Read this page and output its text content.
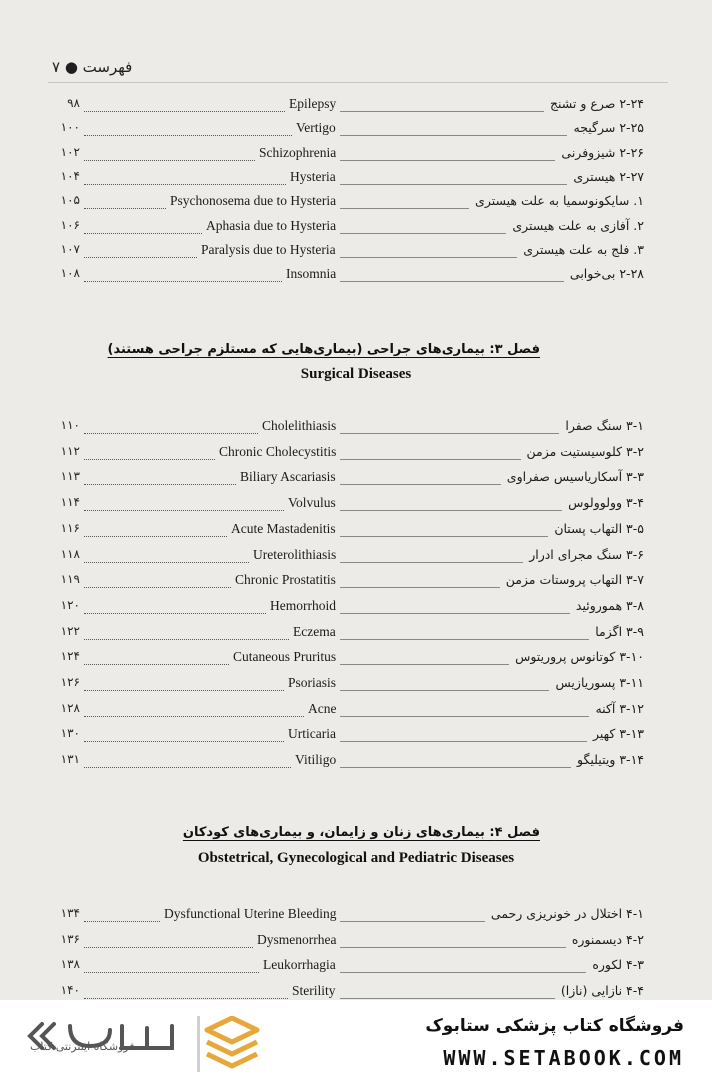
فهرست ● ۷
۹۸	Epilepsy	۲-۲۴ صرع و تشنج
۱۰۰	Vertigo	۲-۲۵ سرگیجه
۱۰۲	Schizophrenia	۲-۲۶ شیزوفرنی
۱۰۴	Hysteria	۲-۲۷ هیستری
۱۰۵	Psychonosema due to Hysteria	۱. سایکونوسمیا به علت هیستری
۱۰۶	Aphasia due to Hysteria	۲. آفازی به علت هیستری
۱۰۷	Paralysis due to Hysteria	۳. فلج به علت هیستری
۱۰۸	Insomnia	۲-۲۸ بی‌خوابی
فصل ۳: بیماری‌های جراحی (بیماری‌هایی که مستلزم جراحی هستند)
Surgical Diseases
۱۱۰	Cholelithiasis	۳-۱ سنگ صفرا
۱۱۲	Chronic Cholecystitis	۳-۲ کلوسیستیت مزمن
۱۱۳	Biliary Ascariasis	۳-۳ آسکاریاسیس صفراوی
۱۱۴	Volvulus	۳-۴ وولوولوس
۱۱۶	Acute Mastadenitis	۳-۵ التهاب پستان
۱۱۸	Ureterolithiasis	۳-۶ سنگ مجرای ادرار
۱۱۹	Chronic Prostatitis	۳-۷ التهاب پروستات مزمن
۱۲۰	Hemorrhoid	۳-۸ هموروئید
۱۲۲	Eczema	۳-۹ اگزما
۱۲۴	Cutaneous Pruritus	۳-۱۰ کوتانوس پروریتوس
۱۲۶	Psoriasis	۳-۱۱ پسوریازیس
۱۲۸	Acne	۳-۱۲ آکنه
۱۳۰	Urticaria	۳-۱۳ کهیر
۱۳۱	Vitiligo	۳-۱۴ ویتیلیگو
فصل ۴: بیماری‌های زنان و زایمان، و بیماری‌های کودکان
Obstetrical, Gynecological and Pediatric Diseases
۱۳۴	Dysfunctional Uterine Bleeding	۴-۱ اختلال در خونریزی رحمی
۱۳۶	Dysmenorrhea	۴-۲ دیسمنوره
۱۳۸	Leukorrhagia	۴-۳ لکوره
۱۴۰	Sterility	۴-۴ نازایی (نازا)
فروشگاه اینترنتی کتاب
فروشگاه کتاب پزشکی ستابوک
WWW.SETABOOK.COM
